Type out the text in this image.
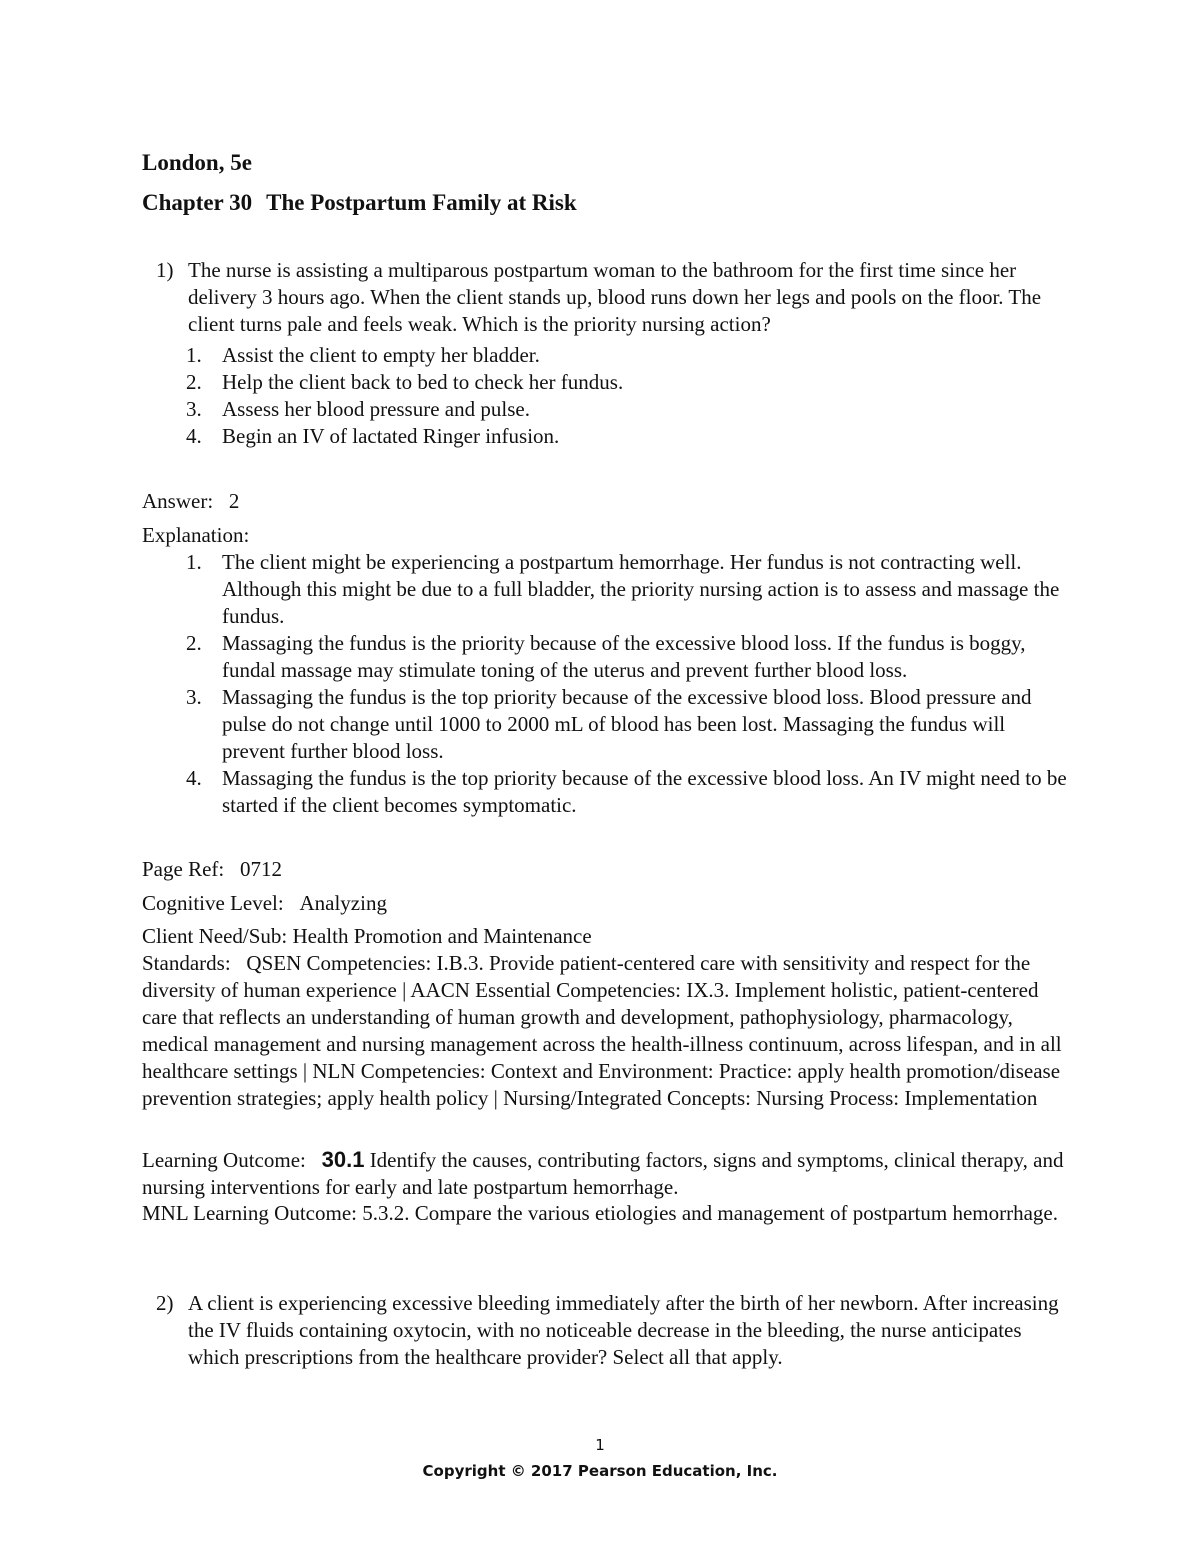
London, 5e
Chapter 30 The Postpartum Family at Risk
1) The nurse is assisting a multiparous postpartum woman to the bathroom for the first time since her delivery 3 hours ago. When the client stands up, blood runs down her legs and pools on the floor. The client turns pale and feels weak. Which is the priority nursing action?
1. Assist the client to empty her bladder.
2. Help the client back to bed to check her fundus.
3. Assess her blood pressure and pulse.
4. Begin an IV of lactated Ringer infusion.
Answer: 2
Explanation:
1. The client might be experiencing a postpartum hemorrhage. Her fundus is not contracting well. Although this might be due to a full bladder, the priority nursing action is to assess and massage the fundus.
2. Massaging the fundus is the priority because of the excessive blood loss. If the fundus is boggy, fundal massage may stimulate toning of the uterus and prevent further blood loss.
3. Massaging the fundus is the top priority because of the excessive blood loss. Blood pressure and pulse do not change until 1000 to 2000 mL of blood has been lost. Massaging the fundus will prevent further blood loss.
4. Massaging the fundus is the top priority because of the excessive blood loss. An IV might need to be started if the client becomes symptomatic.
Page Ref: 0712
Cognitive Level: Analyzing
Client Need/Sub: Health Promotion and Maintenance

Standards: QSEN Competencies: I.B.3. Provide patient-centered care with sensitivity and respect for the diversity of human experience | AACN Essential Competencies: IX.3. Implement holistic, patient-centered care that reflects an understanding of human growth and development, pathophysiology, pharmacology, medical management and nursing management across the health-illness continuum, across lifespan, and in all healthcare settings | NLN Competencies: Context and Environment: Practice: apply health promotion/disease prevention strategies; apply health policy | Nursing/Integrated Concepts: Nursing Process: Implementation

Learning Outcome: 30.1 Identify the causes, contributing factors, signs and symptoms, clinical therapy, and nursing interventions for early and late postpartum hemorrhage.

MNL Learning Outcome: 5.3.2. Compare the various etiologies and management of postpartum hemorrhage.

2) A client is experiencing excessive bleeding immediately after the birth of her newborn. After increasing the IV fluids containing oxytocin, with no noticeable decrease in the bleeding, the nurse anticipates which prescriptions from the healthcare provider? Select all that apply.
1
Copyright © 2017 Pearson Education, Inc.
